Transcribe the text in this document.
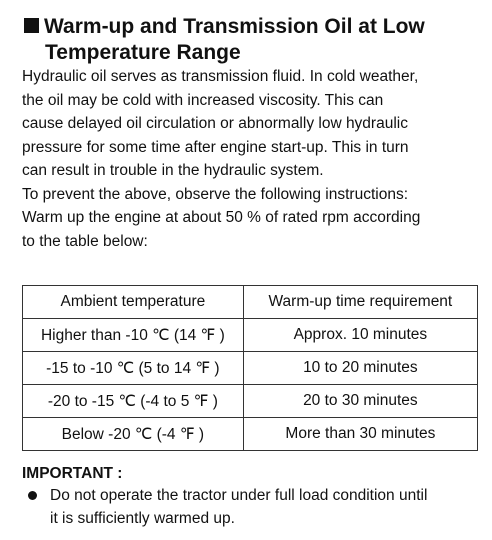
Warm-up and Transmission Oil at Low
Temperature Range

Hydraulic oil serves as transmission fluid. In cold weather,

the oil may be cold with increased viscosity. This can

cause delayed oil circulation or abnormally low hydraulic

pressure for some time after engine start-up. This in turn

can result in trouble in the hydraulic system.

To prevent the above, observe the following instructions:

Warm up the engine at about 50 % of rated rpm according

to the table below:

Ambient temperature	Warm-up time requirement
Higher than -10 ℃ (14 ℉ )	Approx. 10 minutes
-15 to -10 ℃ (5 to 14 ℉ )	10 to 20 minutes
-20 to -15 ℃ (-4 to 5 ℉ )	20 to 30 minutes
Below -20 ℃ (-4 ℉ )	More than 30 minutes
IMPORTANT :
Do not operate the tractor under full load condition until
it is sufficiently warmed up.
